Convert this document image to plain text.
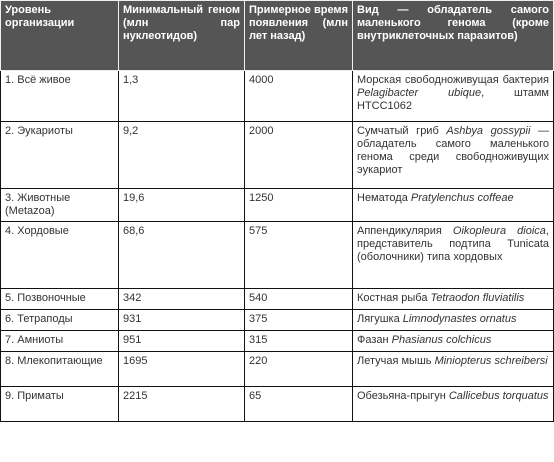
Уровень организации	Минимальный геном (млн пар нуклеотидов)	Примерное время появления (млн лет назад)	Вид — обладатель самого маленького генома (кроме внутриклеточных паразитов)
1. Всё живое	1,3	4000	Морская свободноживущая бактерия Pelagibacter ubique, штамм HTCC1062
2. Эукариоты	9,2	2000	Сумчатый гриб Ashbya gossypii — обладатель самого маленького генома среди свободноживущих эукариот
3. Животные (Metazoa)	19,6	1250	Нематода Pratylenchus coffeae
4. Хордовые	68,6	575	Аппендикулярия Oikopleura dioica, представитель подтипа Tunicata (оболочники) типа хордовых
5. Позвоночные	342	540	Костная рыба Tetraodon fluviatilis
6. Тетраподы	931	375	Лягушка Limnodynastes ornatus
7. Амниоты	951	315	Фазан Phasianus colchicus
8. Млекопитающие	1695	220	Летучая мышь Miniopterus schreibersi
9. Приматы	2215	65	Обезьяна-прыгун Callicebus torquatus
